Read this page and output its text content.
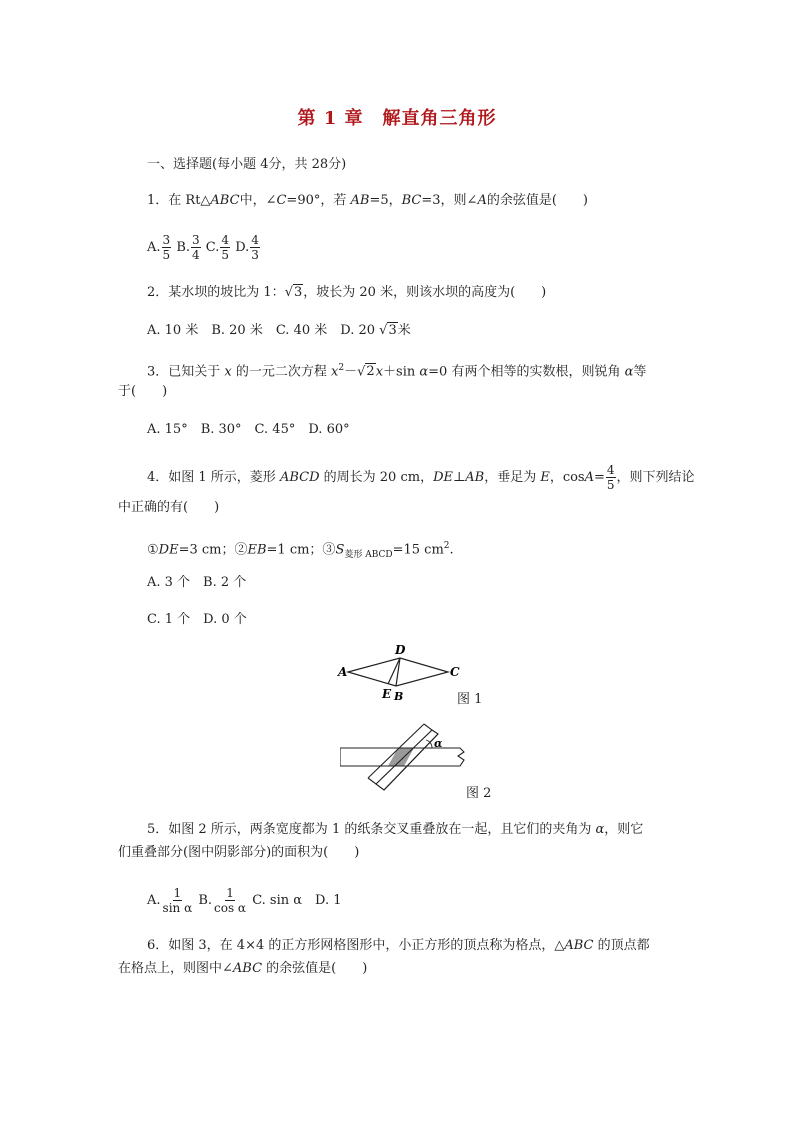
第 1 章　解直角三角形
一、选择题(每小题 4分，共 28分)
1．在 Rt△ABC中，∠C=90°，若 AB=5，BC=3，则∠A的余弦值是(　　)
A. $\frac{3}{5} B$. $\frac{3}{4} C$. $\frac{4}{5} D$. $\frac{4}{3}$
2．某水坝的坡比为 1：√3，坡长为 20 米，则该水坝的高度为(　　)
A. 10 米　B. 20 米　C. 40 米　D. 20 √3米
3．已知关于 x 的一元二次方程 $x^2-√2x+\sin$ α=0 有两个相等的实数根，则锐角 α等
于(　　)
A. 15°　B. 30°　C. 45°　D. 60°
4．如图 1 所示，菱形 ABCD 的周长为 20 cm，DE⊥AB，垂足为 E，$\cos A= \frac{4}{5}$ ，则下列结论
中正确的有(　　)
①DE=3 cm；②EB=1 cm；$③S_{菱形 ABCD}=15$ $cm^2$.
A. 3 个　B. 2 个
C. 1 个　D. 0 个
A
D
C
E B	图 1
α
图 2
5．如图 2 所示，两条宽度都为 1 的纸条交叉重叠放在一起，且它们的夹角为 α，则它
们重叠部分(图中阴影部分)的面积为(　　)
A. $\frac{1}{\text{sin α}} B$. $\frac{1}{\text{cos α}} C$. sin α　D. 1
6．如图 3，在 4×4 的正方形网格图形中，小正方形的顶点称为格点，△ABC 的顶点都
在格点上，则图中∠ABC 的余弦值是(　　)
